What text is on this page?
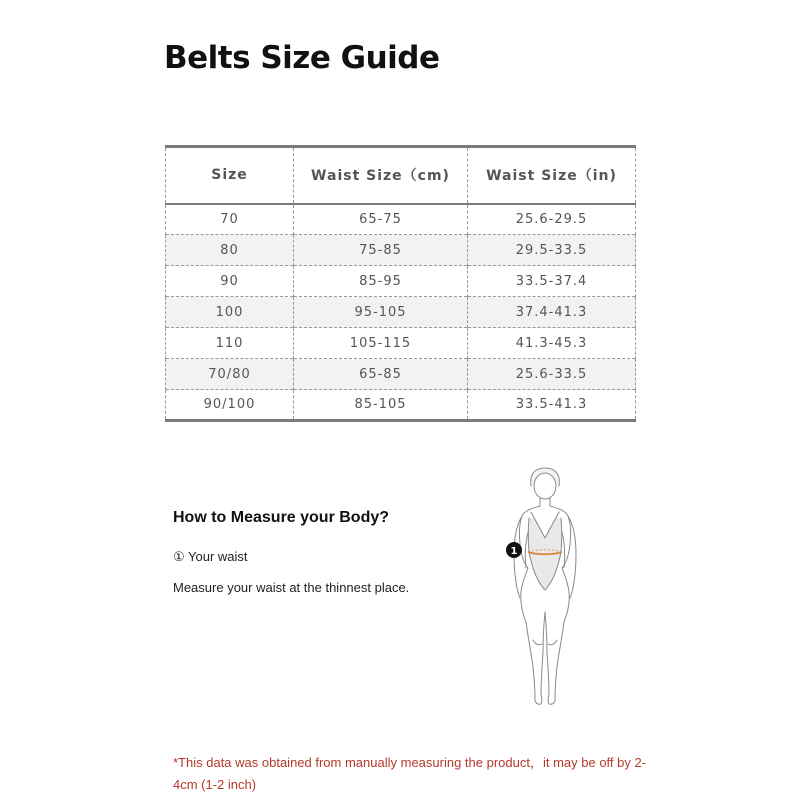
Belts Size Guide
Size	Waist Size（cm)	Waist Size（in)
70	65-75	25.6-29.5
80	75-85	29.5-33.5
90	85-95	33.5-37.4
100	95-105	37.4-41.3
110	105-115	41.3-45.3
70/80	65-85	25.6-33.5
90/100	85-105	33.5-41.3
How to Measure your Body?
① Your waist
Measure your waist at the thinnest place.
1

*This data was obtained from manually measuring the product，it may be off by 2-4cm (1-2 inch)
